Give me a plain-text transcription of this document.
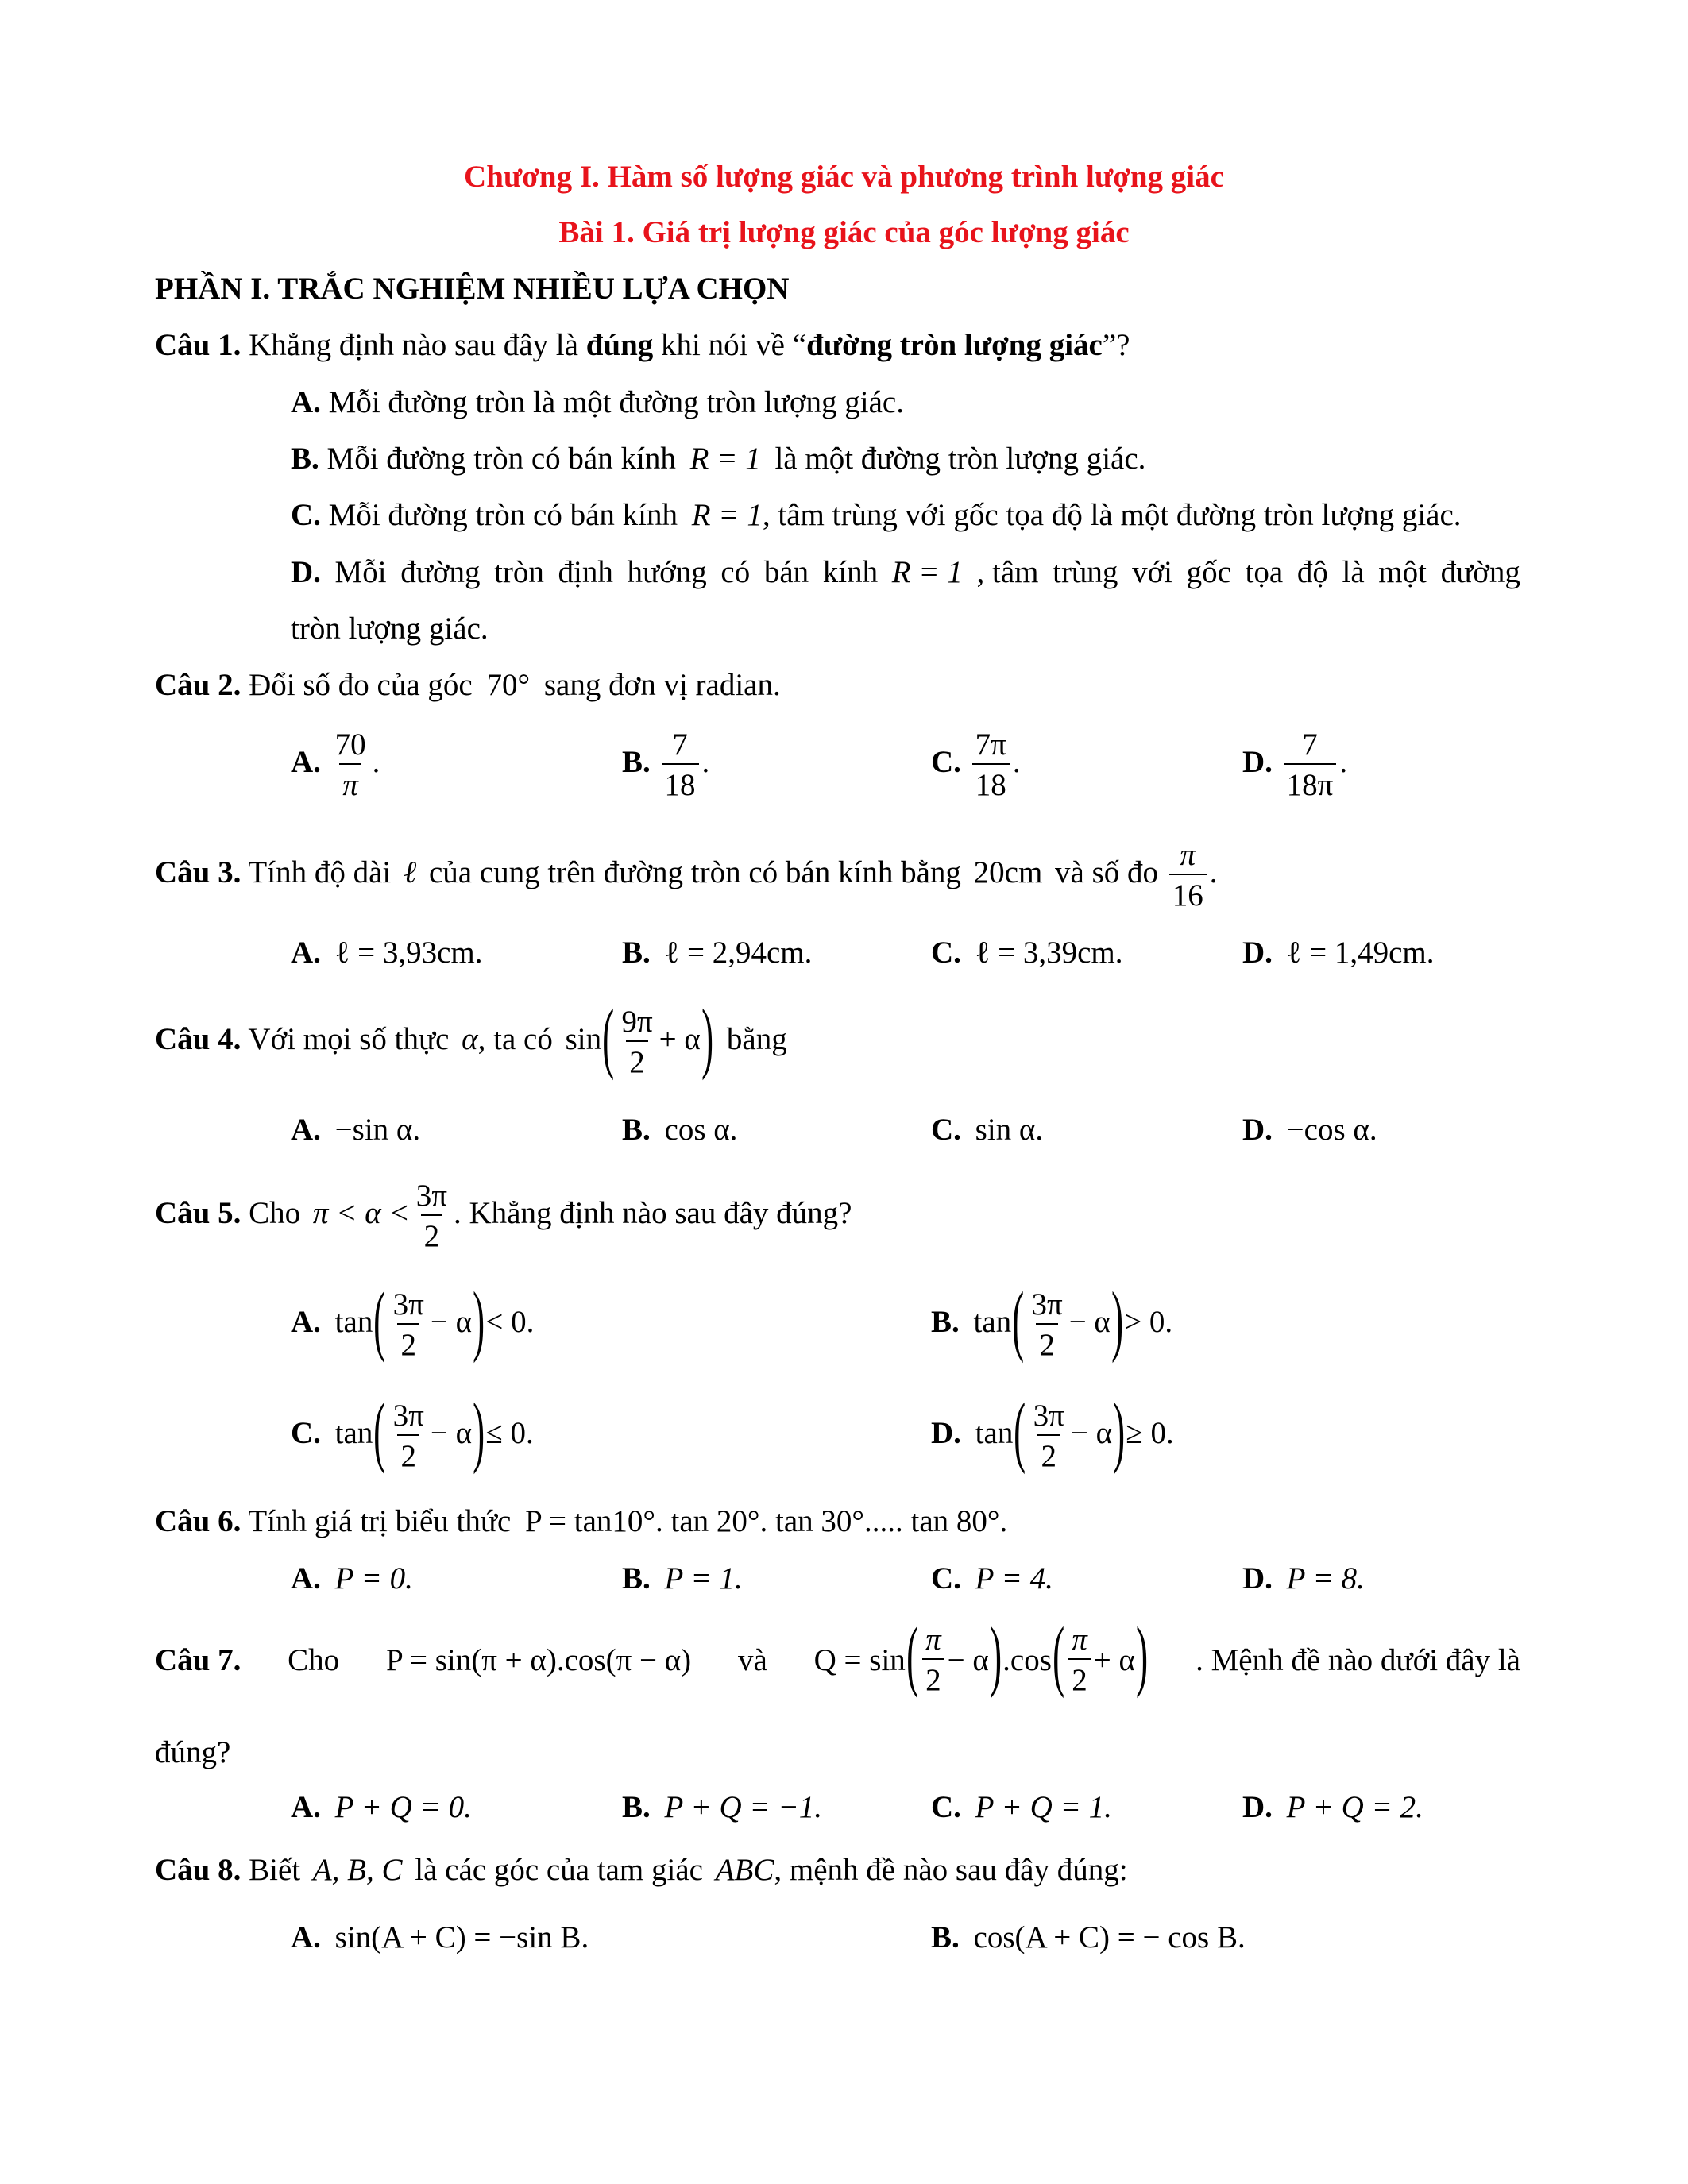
Chương I. Hàm số lượng giác và phương trình lượng giác
Bài 1. Giá trị lượng giác của góc lượng giác
PHẦN I. TRẮC NGHIỆM NHIỀU LỰA CHỌN
Câu 1. Khẳng định nào sau đây là đúng khi nói về “đường tròn lượng giác”?
A. Mỗi đường tròn là một đường tròn lượng giác.
B. Mỗi đường tròn có bán kính R = 1 là một đường tròn lượng giác.
C. Mỗi đường tròn có bán kính R = 1, tâm trùng với gốc tọa độ là một đường tròn lượng giác.
D. Mỗi đường tròn định hướng có bán kính R = 1 , tâm trùng với gốc tọa độ là một đường
tròn lượng giác.
Câu 2. Đổi số đo của góc 70° sang đơn vị radian.
A. $\frac{70}{\pi}$ .	B. $\frac{7}{18}$ .	C. $\frac{7\pi}{18}$ .	D. $\frac{7}{18\pi}$ .
Câu 3. Tính độ dài ℓ của cung trên đường tròn có bán kính bằng 20cm và số đo $\frac{\pi}{16}$ .
A. ℓ = 3,93cm.	B. ℓ = 2,94cm.	C. ℓ = 3,39cm.	D. ℓ = 1,49cm.
Câu 4. Với mọi số thực α, ta có $\sin( \frac{9\pi}{2} + \alpha)$ bằng
A. −sin α.	B. cos α.	C. sin α.	D. −cos α.
Câu 5. Cho $\pi < \alpha < \frac{3\pi}{2}$ . Khẳng định nào sau đây đúng?
A. $\tan( \frac{3\pi}{2} - \alpha)< 0$.	B. $\tan( \frac{3\pi}{2} - \alpha)> 0$.
C. $\tan( \frac{3\pi}{2} - \alpha)\le 0$.	D. $\tan( \frac{3\pi}{2} - \alpha)\ge 0$.
Câu 6. Tính giá trị biểu thức P = tan10°. tan 20°. tan 30°..... tan 80°.
A. P = 0.	B. P = 1.	C. P = 4.	D. P = 8.
Câu 7. Cho P = sin(π + α).cos(π − α) và Q = sin ( $\frac{\pi}{2} - \alpha$ ) .cos ( $\frac{\pi}{2} + \alpha$ ) . Mệnh đề nào dưới đây là
đúng?
A. P + Q = 0.	B. P + Q = −1.	C. P + Q = 1.	D. P + Q = 2.
Câu 8. Biết A, B, C là các góc của tam giác ABC, mệnh đề nào sau đây đúng:
A. sin(A + C) = −sin B.	B. cos(A + C) = − cos B.
